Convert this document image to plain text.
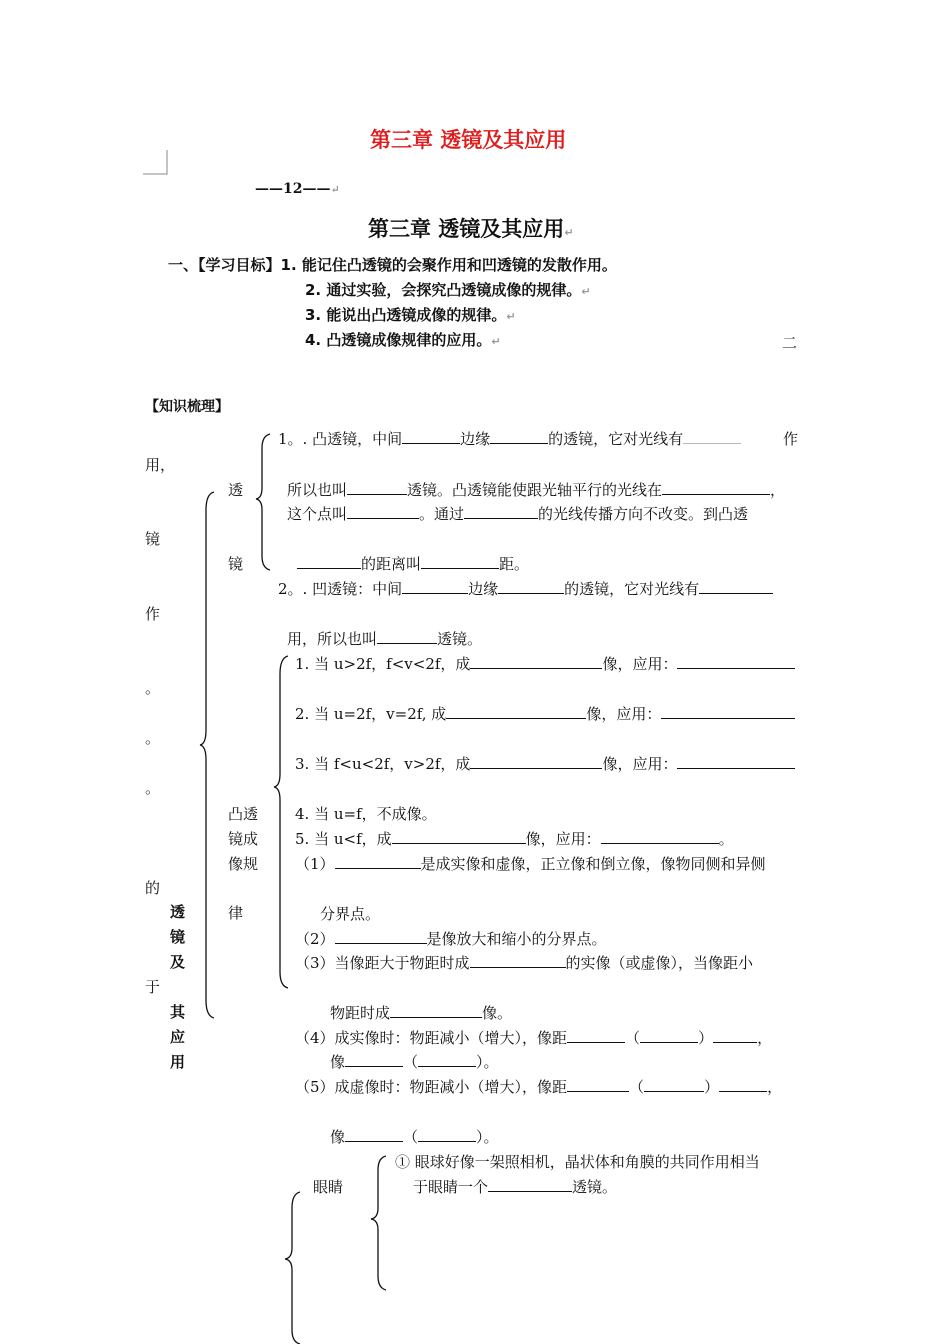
第三章 透镜及其应用
——12——↵
第三章 透镜及其应用↵
一、【学习目标】1. 能记住凸透镜的会聚作用和凹透镜的发散作用。
2. 通过实验，会探究凸透镜成像的规律。↵
3. 能说出凸透镜成像的规律。↵
4. 凸透镜成像规律的应用。↵	二
【知识梳理】
用，
镜
作
。
。
。
的
于
透
镜
及
其
应
用
透
镜
1。. 凸透镜，中间	边缘	的透镜，它对光线有	作
所以也叫	透镜。凸透镜能使跟光轴平行的光线在	，
这个点叫	。通过	的光线传播方向不改变。到凸透
的距离叫	距。
2。. 凹透镜：中间	边缘	的透镜，它对光线有
用，所以也叫	透镜。
凸透
镜成
像规
律
1. 当 u>2f，f<v<2f，成	像，应用：
2. 当 u=2f，v=2f, 成	像，应用：
3. 当 f<u<2f，v>2f，成	像，应用：
4. 当 u=f，不成像。
5. 当 u<f，成	像，应用：	。
（1）	是成实像和虚像，正立像和倒立像，像物同侧和异侧
分界点。
（2）	是像放大和缩小的分界点。
（3）当像距大于物距时成	的实像（或虚像），当像距小
物距时成	像。
（4）成实像时：物距减小（增大），像距	（	）	，
像	（	）。
（5）成虚像时：物距减小（增大），像距	（	）	，
像	（	）。
眼睛
① 眼球好像一架照相机，晶状体和角膜的共同作用相当
于眼睛一个	透镜。
